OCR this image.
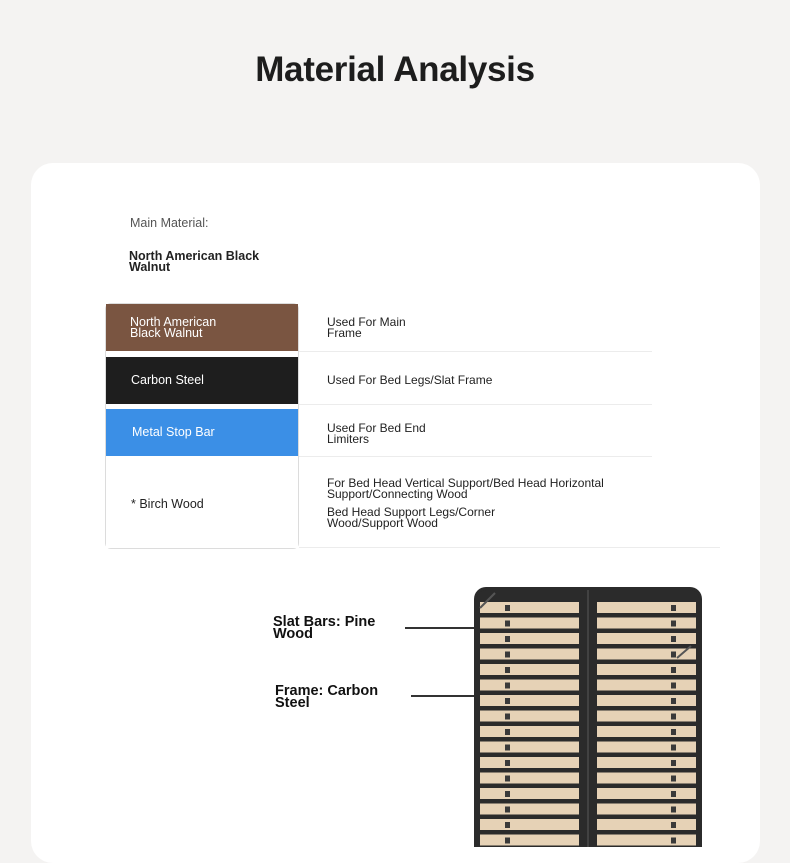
Material Analysis
Main Material:
North American Black Walnut
North American Black Walnut
Used For Main Frame
Carbon Steel	Used For Bed Legs/Slat Frame
Metal Stop Bar	Used For Bed End Limiters
* Birch Wood
For Bed Head Vertical Support/Bed Head Horizontal Support/Connecting Wood
Bed Head Support Legs/Corner Wood/Support Wood
Slat Bars: Pine Wood
Frame: Carbon Steel
